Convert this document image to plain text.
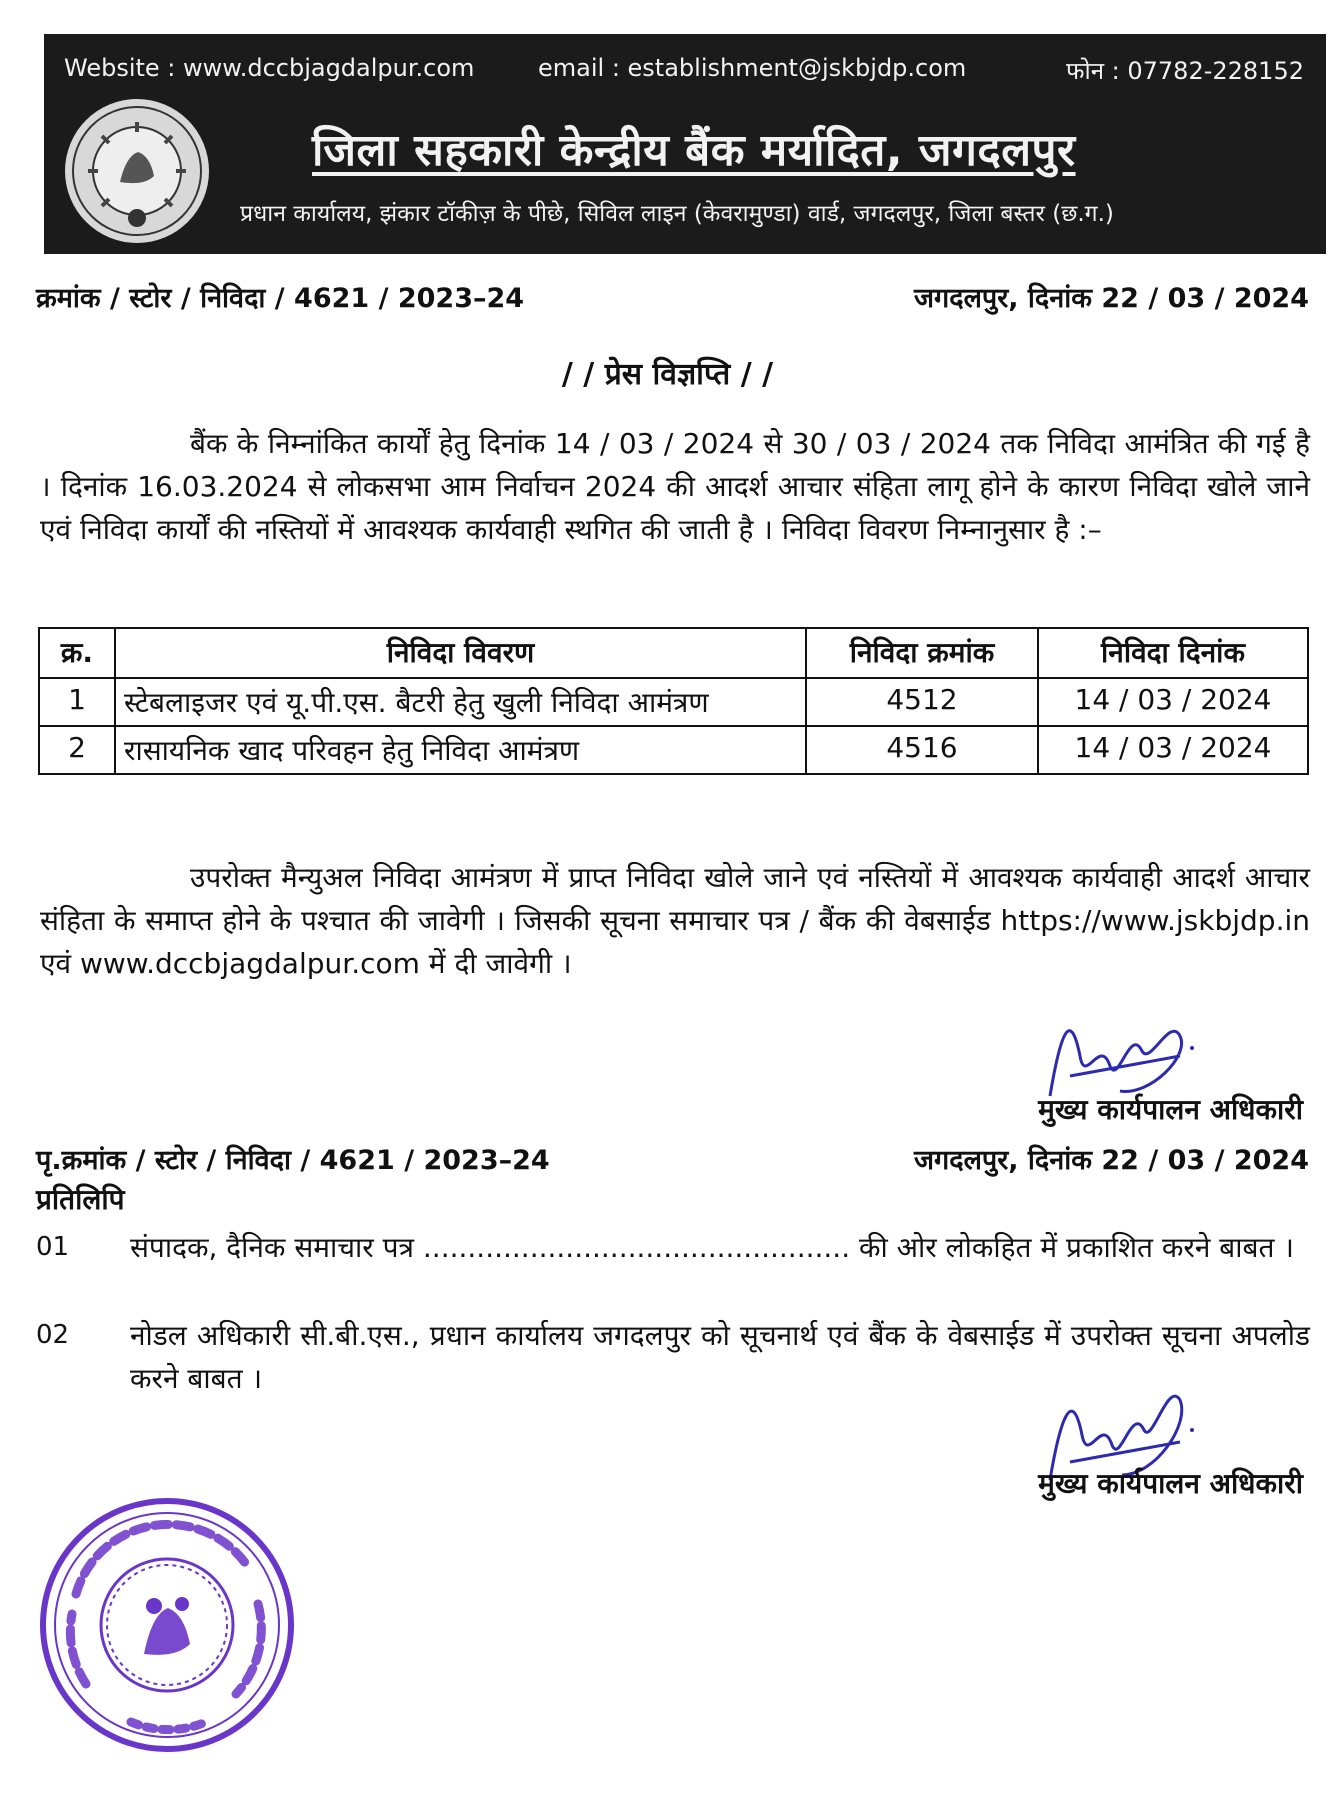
Website : www.dccbjagdalpur.com	email : establishment@jskbjdp.com	फोन : 07782-228152
जिला सहकारी केन्द्रीय बैंक मर्यादित, जगदलपुर
प्रधान कार्यालय, झंकार टॉकीज़ के पीछे, सिविल लाइन (केवरामुण्डा) वार्ड, जगदलपुर, जिला बस्तर (छ.ग.)
क्रमांक / स्टोर / निविदा / 4621 / 2023–24	जगदलपुर, दिनांक 22 / 03 / 2024
/ / प्रेस विज्ञप्ति / /
बैंक के निम्नांकित कार्यों हेतु दिनांक 14 / 03 / 2024 से 30 / 03 / 2024 तक निविदा आमंत्रित की गई है । दिनांक 16.03.2024 से लोकसभा आम निर्वाचन 2024 की आदर्श आचार संहिता लागू होने के कारण निविदा खोले जाने एवं निविदा कार्यों की नस्तियों में आवश्यक कार्यवाही स्थगित की जाती है । निविदा विवरण निम्नानुसार है :–
क्र.	निविदा विवरण	निविदा क्रमांक	निविदा दिनांक
1	स्टेबलाइजर एवं यू.पी.एस. बैटरी हेतु खुली निविदा आमंत्रण	4512	14 / 03 / 2024
2	रासायनिक खाद परिवहन हेतु निविदा आमंत्रण	4516	14 / 03 / 2024
उपरोक्त मैन्युअल निविदा आमंत्रण में प्राप्त निविदा खोले जाने एवं नस्तियों में आवश्यक कार्यवाही आदर्श आचार संहिता के समाप्त होने के पश्चात की जावेगी । जिसकी सूचना समाचार पत्र / बैंक की वेबसाईड https://www.jskbjdp.in एवं www.dccbjagdalpur.com में दी जावेगी ।
मुख्य कार्यपालन अधिकारी
पृ.क्रमांक / स्टोर / निविदा / 4621 / 2023–24	जगदलपुर, दिनांक 22 / 03 / 2024
प्रतिलिपि
01 संपादक, दैनिक समाचार पत्र ................................................ की ओर लोकहित में प्रकाशित करने बाबत ।
02 नोडल अधिकारी सी.बी.एस., प्रधान कार्यालय जगदलपुर को सूचनार्थ एवं बैंक के वेबसाईड में उपरोक्त सूचना अपलोड करने बाबत ।
मुख्य कार्यपालन अधिकारी
